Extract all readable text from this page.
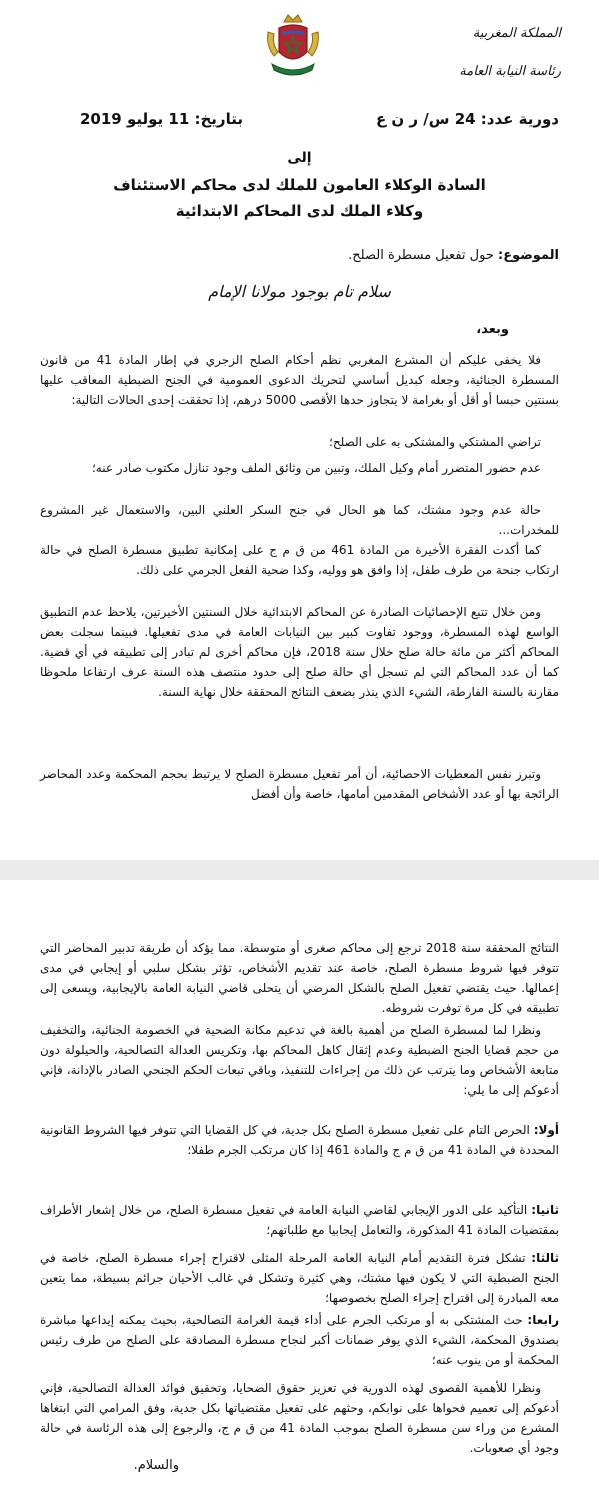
المملكة المغربية
رئاسة النيابة العامة
دورية عدد: 24 س/ ر ن ع
بتاريخ: 11 يوليو 2019
إلى
السادة الوكلاء العامون للملك لدى محاكم الاستئناف
وكلاء الملك لدى المحاكم الابتدائية
الموضوع: حول تفعيل مسطرة الصلح.
سلام تام بوجود مولانا الإمام
وبعد،
فلا يخفى عليكم أن المشرع المغربي نظم أحكام الصلح الزجري في إطار المادة 41 من قانون المسطرة الجنائية، وجعله كبديل أساسي لتحريك الدعوى العمومية في الجنح الضبطية المعاقب عليها بسنتين حبسا أو أقل أو بغرامة لا يتجاوز حدها الأقصى 5000 درهم، إذا تحققت إحدى الحالات التالية:
تراضي المشتكي والمشتكى به على الصلح؛
عدم حضور المتضرر أمام وكيل الملك، وتبين من وثائق الملف وجود تنازل مكتوب صادر عنه؛
حالة عدم وجود مشتك، كما هو الحال في جنح السكر العلني البين، والاستعمال غير المشروع للمخدرات...
كما أكدت الفقرة الأخيرة من المادة 461 من ق م ج على إمكانية تطبيق مسطرة الصلح في حالة ارتكاب جنحة من طرف طفل، إذا وافق هو ووليه، وكذا ضحية الفعل الجرمي على ذلك.
ومن خلال تتبع الإحصائيات الصادرة عن المحاكم الابتدائية خلال السنتين الأخيرتين، يلاحظ عدم التطبيق الواسع لهذه المسطرة، ووجود تفاوت كبير بين النيابات العامة في مدى تفعيلها. فبينما سجلت بعض المحاكم أكثر من مائة حالة صلح خلال سنة 2018، فإن محاكم أخرى لم تبادر إلى تطبيقه في أي قضية. كما أن عدد المحاكم التي لم تسجل أي حالة صلح إلى حدود منتصف هذه السنة عرف ارتفاعا ملحوظا مقارنة بالسنة الفارطة، الشيء الذي ينذر بضعف النتائج المحققة خلال نهاية السنة.
وتبرز نفس المعطيات الاحصائية، أن أمر تفعيل مسطرة الصلح لا يرتبط بحجم المحكمة وعدد المحاضر الرائجة بها أو عدد الأشخاص المقدمين أمامها، خاصة وأن أفضل
النتائج المحققة سنة 2018 ترجع إلى محاكم صغرى أو متوسطة. مما يؤكد أن طريقة تدبير المحاضر التي تتوفر فيها شروط مسطرة الصلح، خاصة عند تقديم الأشخاص، تؤثر بشكل سلبي أو إيجابي في مدى إعمالها. حيث يقتضي تفعيل الصلح بالشكل المرضي أن يتحلى قاضي النيابة العامة بالإيجابية، ويسعى إلى تطبيقه في كل مرة توفرت شروطه.
ونظرا لما لمسطرة الصلح من أهمية بالغة في تدعيم مكانة الضحية في الخصومة الجنائية، والتخفيف من حجم قضايا الجنح الضبطية وعدم إثقال كاهل المحاكم بها، وتكريس العدالة التصالحية، والحيلولة دون متابعة الأشخاص وما يترتب عن ذلك من إجراءات للتنفيذ، وباقي تبعات الحكم الجنحي الصادر بالإدانة، فإني أدعوكم إلى ما يلي:
أولا: الحرص التام على تفعيل مسطرة الصلح بكل جدية، في كل القضايا التي تتوفر فيها الشروط القانونية المحددة في المادة 41 من ق م ج والمادة 461 إذا كان مرتكب الجرم طفلا؛
ثانيا: التأكيد على الدور الإيجابي لقاضي النيابة العامة في تفعيل مسطرة الصلح، من خلال إشعار الأطراف بمقتضيات المادة 41 المذكورة، والتعامل إيجابيا مع طلباتهم؛
ثالثا: تشكل فترة التقديم أمام النيابة العامة المرحلة المثلى لاقتراح إجراء مسطرة الصلح، خاصة في الجنح الضبطية التي لا يكون فيها مشتك، وهي كثيرة وتشكل في غالب الأحيان جرائم بسيطة، مما يتعين معه المبادرة إلى اقتراح إجراء الصلح بخصوصها؛
رابعا: حث المشتكى به أو مرتكب الجرم على أداء قيمة الغرامة التصالحية، بحيث يمكنه إيداعها مباشرة بصندوق المحكمة، الشيء الذي يوفر ضمانات أكبر لنجاح مسطرة المصادقة على الصلح من طرف رئيس المحكمة أو من ينوب عنه؛
ونظرا للأهمية القصوى لهذه الدورية في تعزيز حقوق الضحايا، وتحقيق فوائد العدالة التصالحية، فإني أدعوكم إلى تعميم فحواها على نوابكم، وحثهم على تفعيل مقتضياتها بكل جدية، وفق المرامي التي ابتغاها المشرع من وراء سن مسطرة الصلح بموجب المادة 41 من ق م ج، والرجوع إلى هذه الرئاسة في حالة وجود أي صعوبات.
والسلام.
